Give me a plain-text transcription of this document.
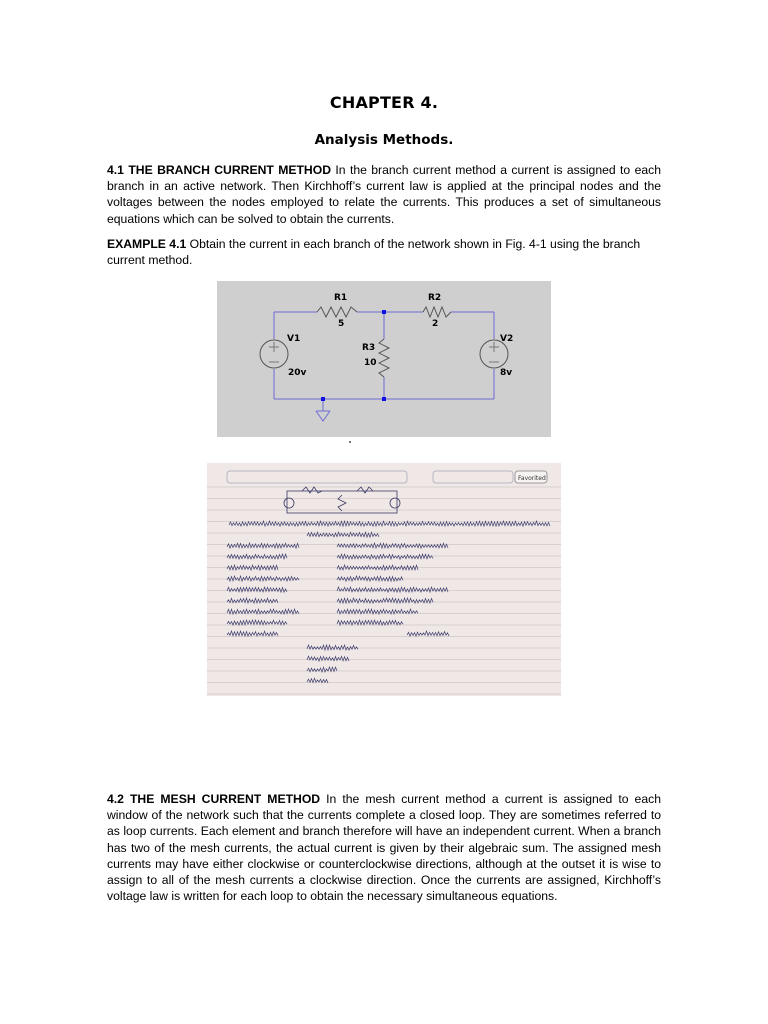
CHAPTER 4.
Analysis Methods.

4.1 THE BRANCH CURRENT METHOD In the branch current method a current is assigned to each branch in an active network. Then Kirchhoff’s current law is applied at the principal nodes and the voltages between the nodes employed to relate the currents. This produces a set of simultaneous equations which can be solved to obtain the currents.

EXAMPLE 4.1 Obtain the current in each branch of the network shown in Fig. 4-1 using the branch current method.

R1
5
R2
2
R3
10
V1
20v
V2
8v
Favorited

4.2 THE MESH CURRENT METHOD In the mesh current method a current is assigned to each window of the network such that the currents complete a closed loop. They are sometimes referred to as loop currents. Each element and branch therefore will have an independent current. When a branch has two of the mesh currents, the actual current is given by their algebraic sum. The assigned mesh currents may have either clockwise or counterclockwise directions, although at the outset it is wise to assign to all of the mesh currents a clockwise direction. Once the currents are assigned, Kirchhoff’s voltage law is written for each loop to obtain the necessary simultaneous equations.
